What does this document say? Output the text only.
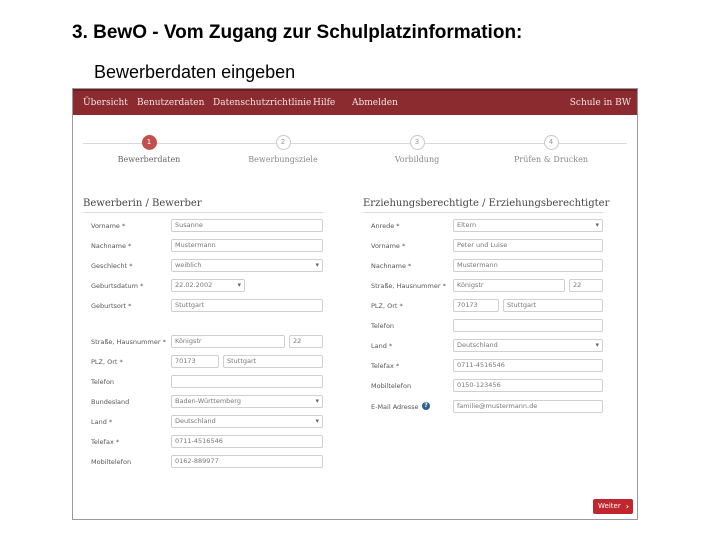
3. BewO - Vom Zugang zur Schulplatzinformation:
Bewerberdaten eingeben
Übersicht Benutzerdaten Datenschutzrichtlinie Hilfe Abmelden	Schule in BW
1
Bewerberdaten
2
Bewerbungsziele
3
Vorbildung
4
Prüfen & Drucken
Bewerberin / Bewerber
Vorname *	Susanne
Nachname *	Mustermann
Geschlecht *	weiblich ▾
Geburtsdatum *	22.02.2002 ▾
Geburtsort *	Stuttgart
Straße, Hausnummer *	Königstr	22
PLZ, Ort *	70173	Stuttgart
Telefon
Bundesland	Baden-Württemberg ▾
Land *	Deutschland ▾
Telefax *	0711-4516546
Mobiltelefon	0162-889977
Erziehungsberechtigte / Erziehungsberechtigter
Anrede *	Eltern ▾
Vorname *	Peter und Luise
Nachname *	Mustermann
Straße, Hausnummer *	Königstr	22
PLZ, Ort *	70173	Stuttgart
Telefon
Land *	Deutschland ▾
Telefax *	0711-4516546
Mobiltelefon	0150-123456
E-Mail Adresse ?	familie@mustermann.de
Weiter ›
